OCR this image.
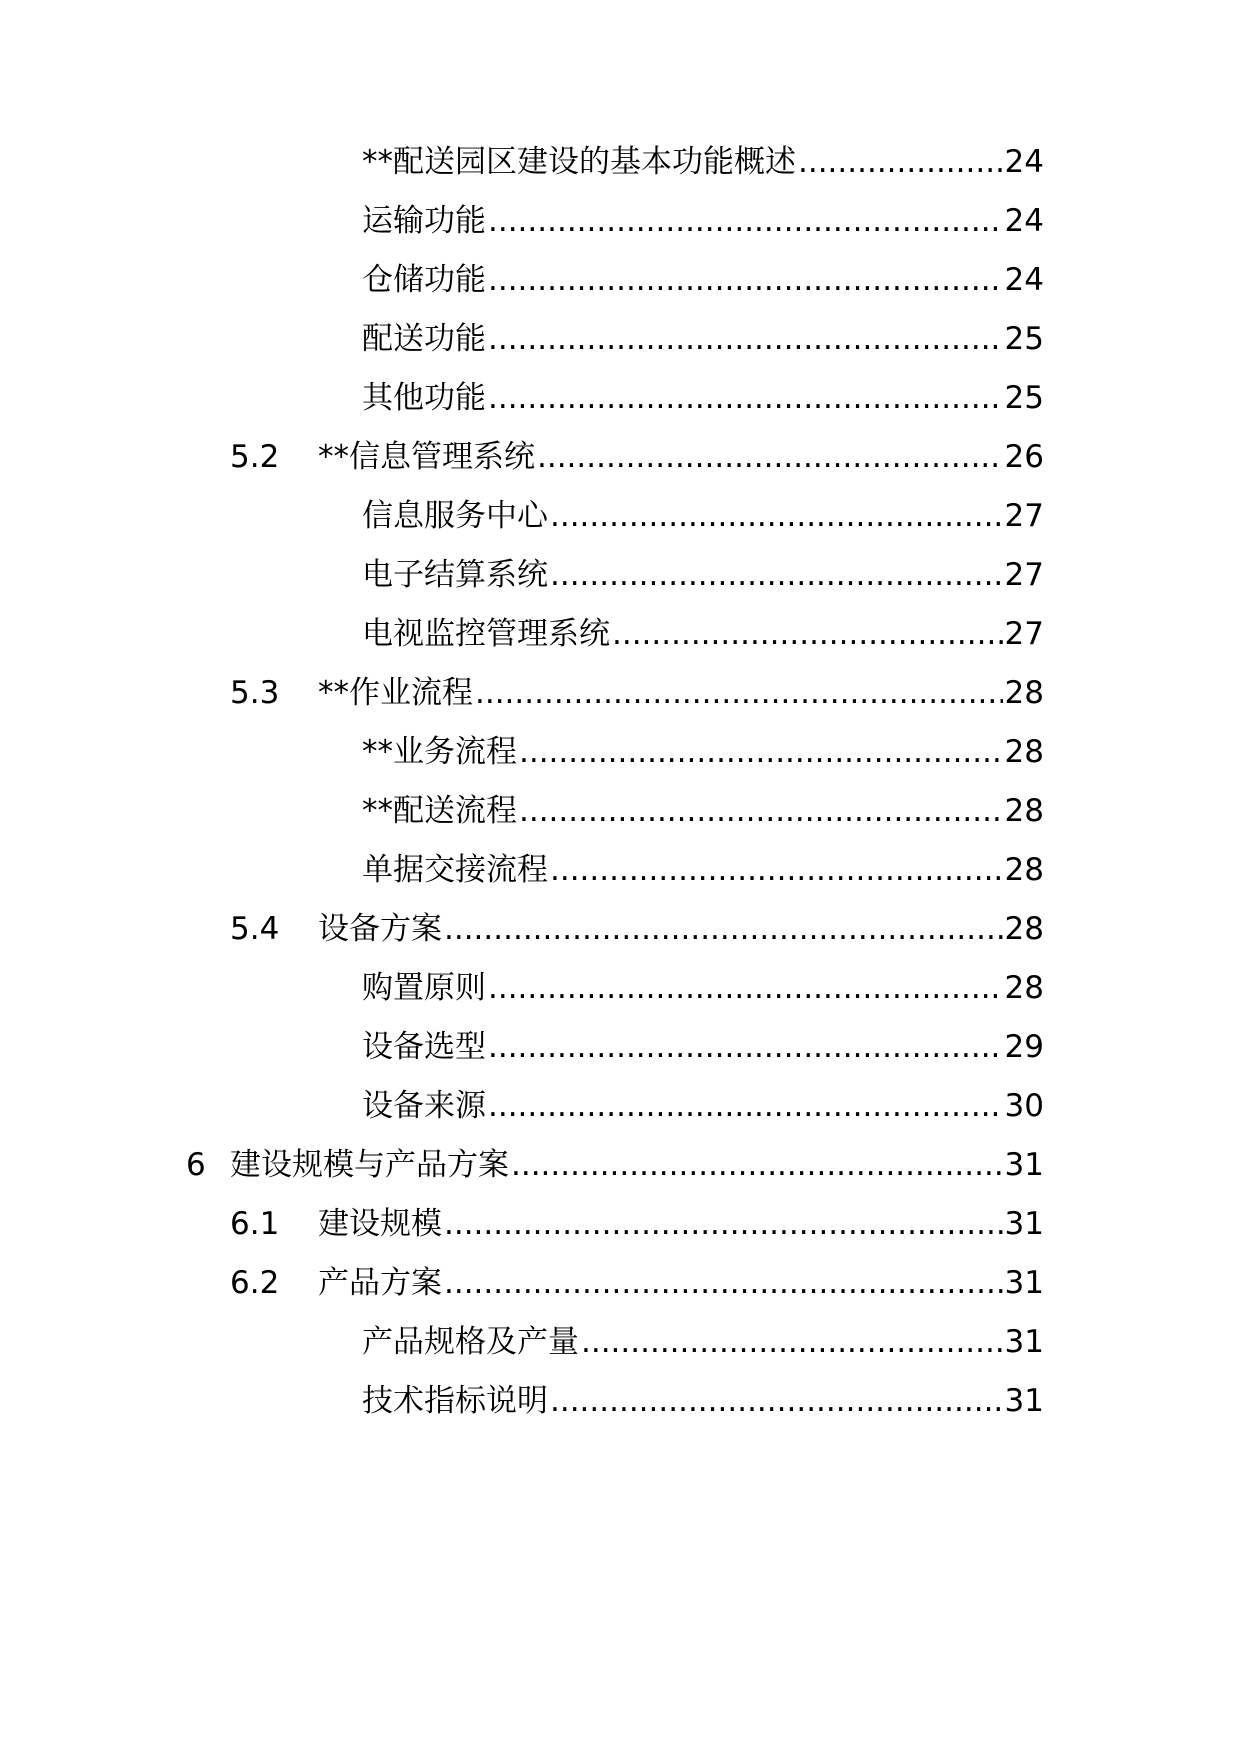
**配送园区建设的基本功能概述 .....	24
运输功能 .....	24
仓储功能 .....	24
配送功能 .....	25
其他功能 .....	25
5.2	**信息管理系统 .....	26
信息服务中心 .....	27
电子结算系统 .....	27
电视监控管理系统 .....	27
5.3	**作业流程 .....	28
**业务流程 .....	28
**配送流程 .....	28
单据交接流程 .....	28
5.4	设备方案 .....	28
购置原则 .....	28
设备选型 .....	29
设备来源 .....	30
6 建设规模与产品方案 .....	31
6.1	建设规模 .....	31
6.2	产品方案 .....	31
产品规格及产量 .....	31
技术指标说明 .....	31
